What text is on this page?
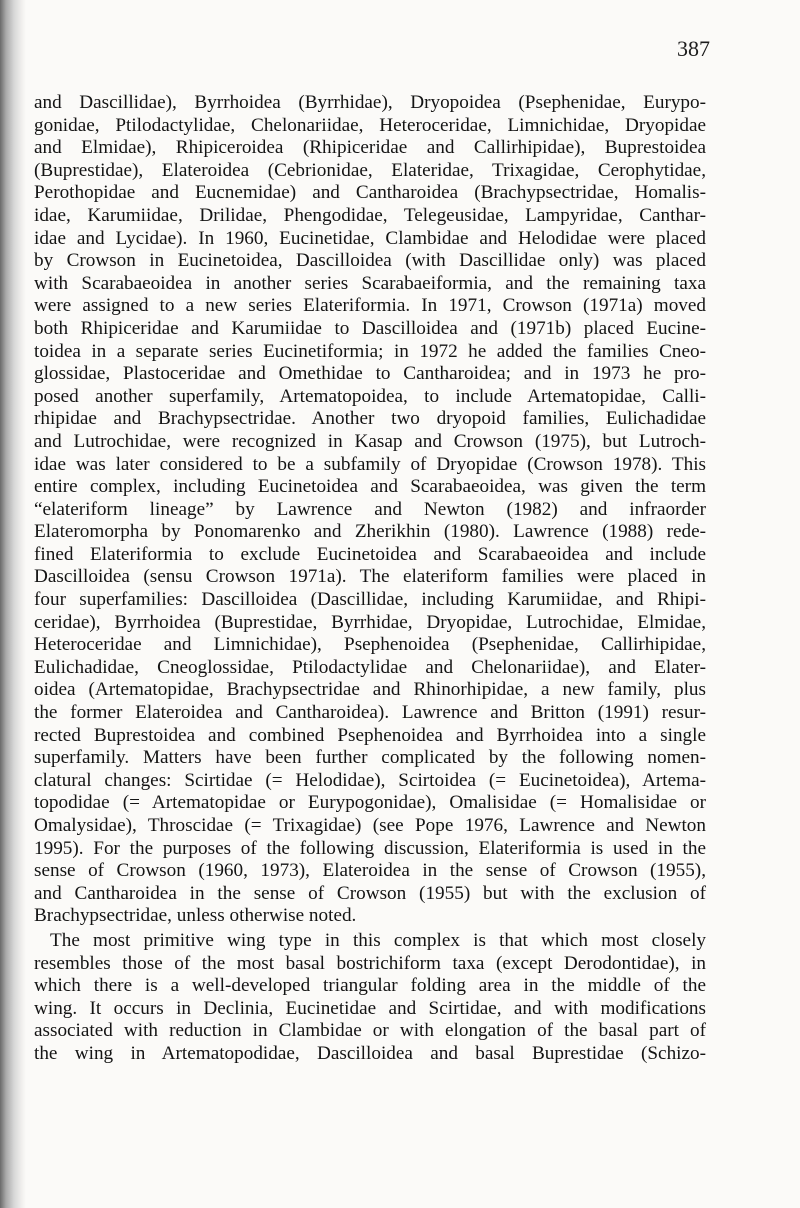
387
and Dascillidae), Byrrhoidea (Byrrhidae), Dryopoidea (Psephenidae, Eurypo-
gonidae, Ptilodactylidae, Chelonariidae, Heteroceridae, Limnichidae, Dryopidae
and Elmidae), Rhipiceroidea (Rhipiceridae and Callirhipidae), Buprestoidea
(Buprestidae), Elateroidea (Cebrionidae, Elateridae, Trixagidae, Cerophytidae,
Perothopidae and Eucnemidae) and Cantharoidea (Brachypsectridae, Homalis-
idae, Karumiidae, Drilidae, Phengodidae, Telegeusidae, Lampyridae, Canthar-
idae and Lycidae). In 1960, Eucinetidae, Clambidae and Helodidae were placed
by Crowson in Eucinetoidea, Dascilloidea (with Dascillidae only) was placed
with Scarabaeoidea in another series Scarabaeiformia, and the remaining taxa
were assigned to a new series Elateriformia. In 1971, Crowson (1971a) moved
both Rhipiceridae and Karumiidae to Dascilloidea and (1971b) placed Eucine-
toidea in a separate series Eucinetiformia; in 1972 he added the families Cneo-
glossidae, Plastoceridae and Omethidae to Cantharoidea; and in 1973 he pro-
posed another superfamily, Artematopoidea, to include Artematopidae, Calli-
rhipidae and Brachypsectridae. Another two dryopoid families, Eulichadidae
and Lutrochidae, were recognized in Kasap and Crowson (1975), but Lutroch-
idae was later considered to be a subfamily of Dryopidae (Crowson 1978). This
entire complex, including Eucinetoidea and Scarabaeoidea, was given the term
“elateriform lineage” by Lawrence and Newton (1982) and infraorder
Elateromorpha by Ponomarenko and Zherikhin (1980). Lawrence (1988) rede-
fined Elateriformia to exclude Eucinetoidea and Scarabaeoidea and include
Dascilloidea (sensu Crowson 1971a). The elateriform families were placed in
four superfamilies: Dascilloidea (Dascillidae, including Karumiidae, and Rhipi-
ceridae), Byrrhoidea (Buprestidae, Byrrhidae, Dryopidae, Lutrochidae, Elmidae,
Heteroceridae and Limnichidae), Psephenoidea (Psephenidae, Callirhipidae,
Eulichadidae, Cneoglossidae, Ptilodactylidae and Chelonariidae), and Elater-
oidea (Artematopidae, Brachypsectridae and Rhinorhipidae, a new family, plus
the former Elateroidea and Cantharoidea). Lawrence and Britton (1991) resur-
rected Buprestoidea and combined Psephenoidea and Byrrhoidea into a single
superfamily. Matters have been further complicated by the following nomen-
clatural changes: Scirtidae (= Helodidae), Scirtoidea (= Eucinetoidea), Artema-
topodidae (= Artematopidae or Eurypogonidae), Omalisidae (= Homalisidae or
Omalysidae), Throscidae (= Trixagidae) (see Pope 1976, Lawrence and Newton
1995). For the purposes of the following discussion, Elateriformia is used in the
sense of Crowson (1960, 1973), Elateroidea in the sense of Crowson (1955),
and Cantharoidea in the sense of Crowson (1955) but with the exclusion of
Brachypsectridae, unless otherwise noted.
The most primitive wing type in this complex is that which most closely
resembles those of the most basal bostrichiform taxa (except Derodontidae), in
which there is a well-developed triangular folding area in the middle of the
wing. It occurs in Declinia, Eucinetidae and Scirtidae, and with modifications
associated with reduction in Clambidae or with elongation of the basal part of
the wing in Artematopodidae, Dascilloidea and basal Buprestidae (Schizo-
